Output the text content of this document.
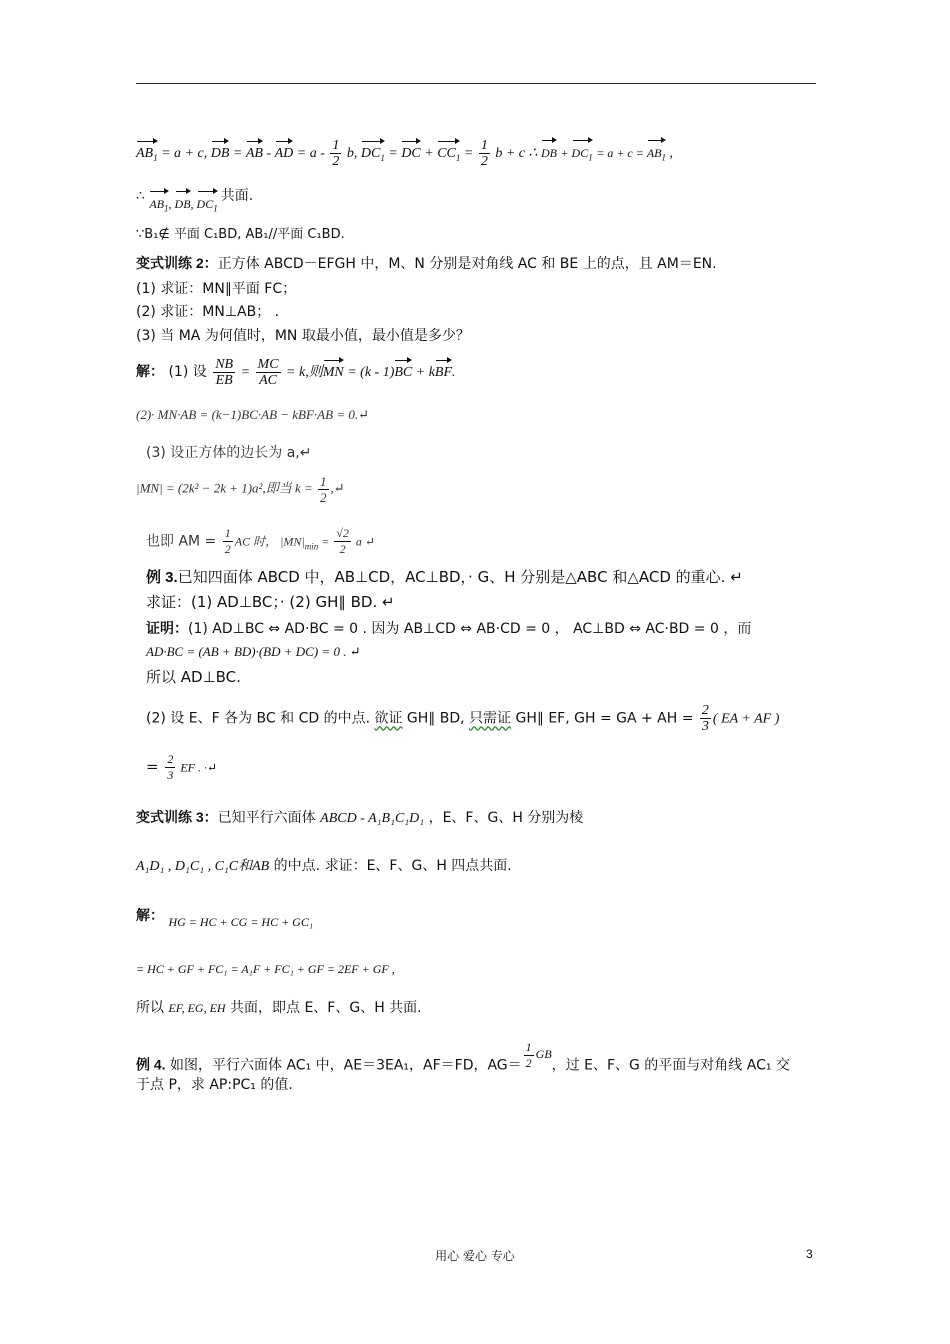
$AB_1 = a + c$, DB = AB - AD = a - $\frac{1}{2} b$, $DC_1$ = DC + $CC_1 = \frac{1}{2}$ b + c ∴ DB + $DC_1 = a + c = AB_1$ ,
∴ $AB_1$, DB, $DC_1$ 共面.
∵B₁∉ 平面 C₁BD, AB₁//平面 C₁BD.
变式训练 2：正方体 ABCD－EFGH 中，M、N 分别是对角线 AC 和 BE 上的点，且 AM＝EN.
(1) 求证：MN∥平面 FC；
(2) 求证：MN⊥AB； .
(3) 当 MA 为何值时，MN 取最小值，最小值是多少？
解： (1) 设 $\frac{NB}{EB} = \frac{MC}{AC} = k$,则MN = (k - 1)BC + kBF.
(2)· MN·AB = (k−1)BC·AB − kBF·AB = 0.↵
(3) 设正方体的边长为 a,↵
|MN| = (2k² − 2k + 1)a²,即当 $k = \frac{1}{2}$ ,↵
也即 AM = $\frac{1}{2}$ AC 时， $|MN|_{min} = \frac{√2}{2}$ a ↵
例 3.已知四面体 ABCD 中，AB⊥CD，AC⊥BD，· G、H 分别是△ABC 和△ACD 的重心. ↵
求证：(1) AD⊥BC；· (2) GH∥ BD. ↵
证明：(1) AD⊥BC ⇔ AD·BC = 0 . 因为 AB⊥CD ⇔ AB·CD = 0 ， AC⊥BD ⇔ AC·BD = 0 ，而
AD·BC = (AB + BD)·(BD + DC) = 0 . ↵
所以 AD⊥BC.
(2) 设 E、F 各为 BC 和 CD 的中点. 欲证 GH∥ BD, 只需证 GH∥ EF, GH = GA + AH = $\frac{2}{3}$ ( EA + AF )
= $\frac{2}{3}$ EF . ·↵
变式训练 3：已知平行六面体 ABCD - A₁B₁C₁D₁ ，E、F、G、H 分别为棱
A₁D₁ , D₁C₁ , C₁C和AB 的中点. 求证：E、F、G、H 四点共面.
解： HG = HC + CG = HC + GC₁
= HC + GF + FC₁ = A₁F + FC₁ + GF = 2EF + GF ,
所以 EF, EG, EH 共面，即点 E、F、G、H 共面.
例 4. 如图，平行六面体 AC₁ 中，AE＝3EA₁，AF＝FD，$AG= \frac{1}{2}$ GB，过 E、F、G 的平面与对角线 AC₁ 交
于点 P，求 AP:PC₁ 的值.
用心 爱心 专心	3
